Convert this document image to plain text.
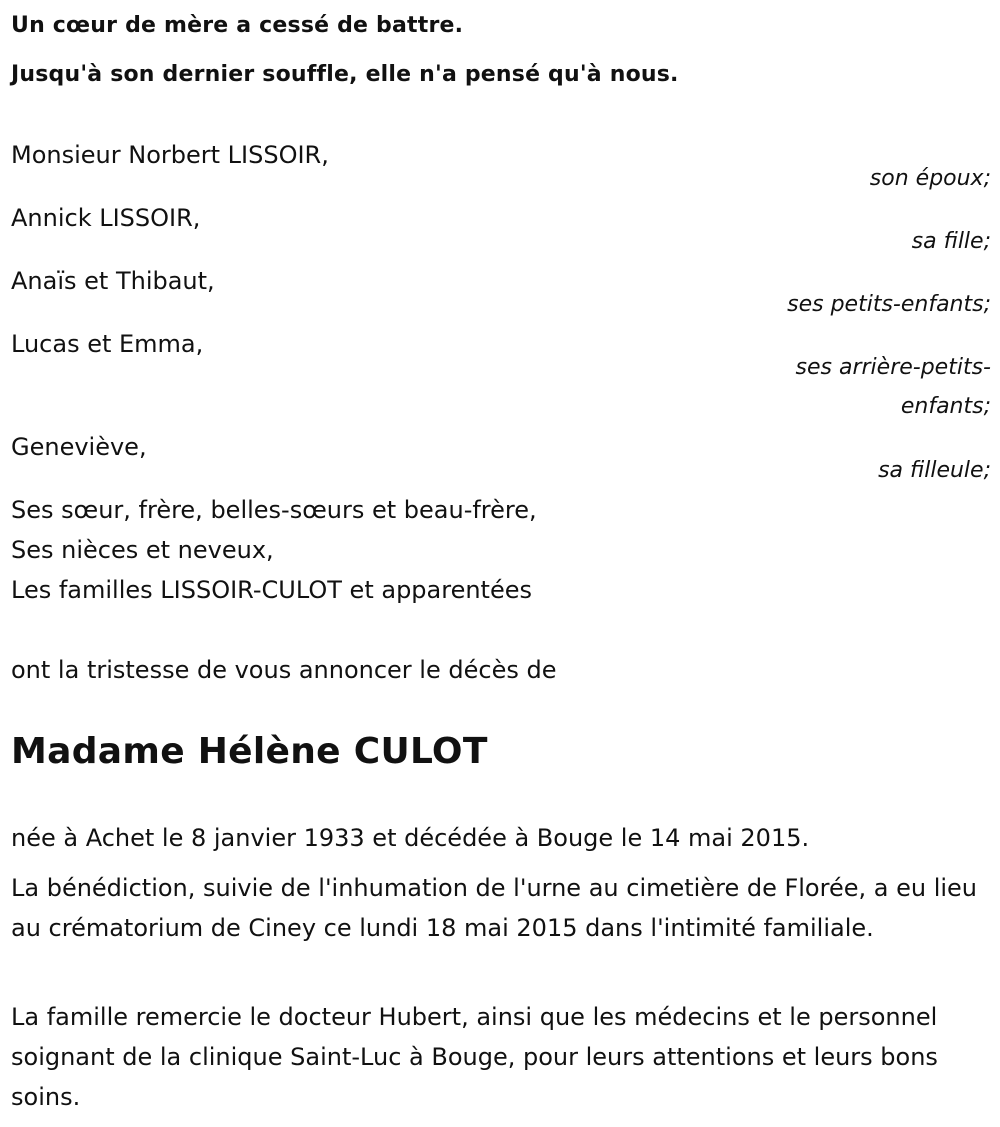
Un cœur de mère a cessé de battre.
Jusqu'à son dernier souffle, elle n'a pensé qu'à nous.
Monsieur Norbert LISSOIR,
son époux;
Annick LISSOIR,
sa fille;
Anaïs et Thibaut,
ses petits-enfants;
Lucas et Emma,
ses arrière-petits-
enfants;
Geneviève,
sa filleule;
Ses sœur, frère, belles-sœurs et beau-frère,
Ses nièces et neveux,
Les familles LISSOIR-CULOT et apparentées
ont la tristesse de vous annoncer le décès de
Madame Hélène CULOT
née à Achet le 8 janvier 1933 et décédée à Bouge le 14 mai 2015.
La bénédiction, suivie de l'inhumation de l'urne au cimetière de Florée, a eu lieu au crématorium de Ciney ce lundi 18 mai 2015 dans l'intimité familiale.
La famille remercie le docteur Hubert, ainsi que les médecins et le personnel soignant de la clinique Saint-Luc à Bouge, pour leurs attentions et leurs bons soins.
